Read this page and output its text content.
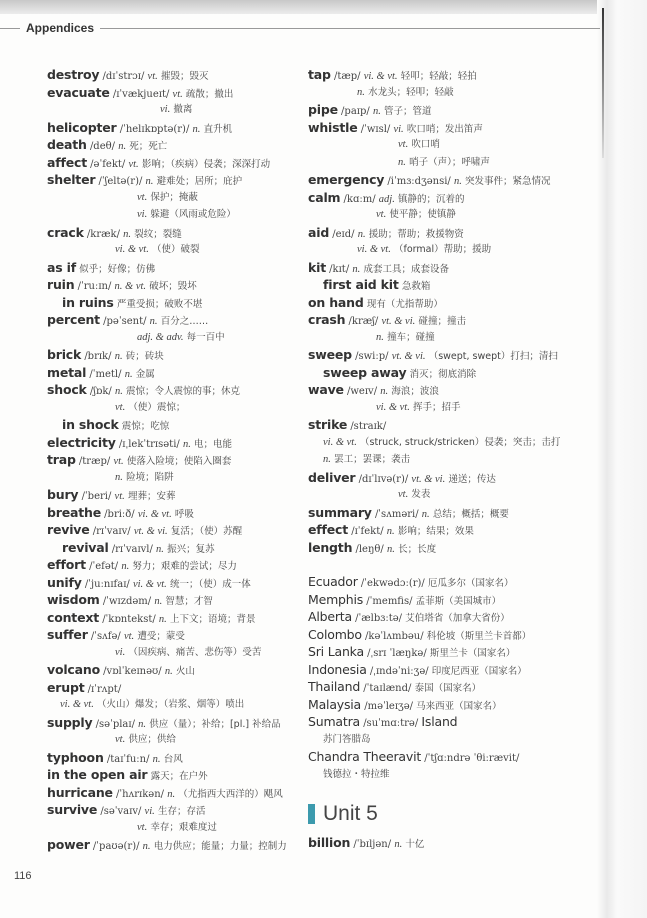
Appendices
destroy /dɪˈstrɔɪ/ vt. 摧毁；毁灭
evacuate /ɪˈvækjueɪt/ vt. 疏散；撤出
vi. 撤离
helicopter /ˈhelɪkɒptə(r)/ n. 直升机
death /deθ/ n. 死；死亡
affect /əˈfekt/ vt. 影响；（疾病）侵袭；深深打动
shelter /ˈʃeltə(r)/ n. 避难处；居所；庇护
vt. 保护；掩蔽
vi. 躲避（风雨或危险）
crack /kræk/ n. 裂纹；裂缝
vi. & vt. （使）破裂
as if 似乎；好像；仿佛
ruin /ˈruːɪn/ n. & vt. 破坏；毁坏
in ruins 严重受损；破败不堪
percent /pəˈsent/ n. 百分之……
adj. & adv. 每一百中
brick /brɪk/ n. 砖；砖块
metal /ˈmetl/ n. 金属
shock /ʃɒk/ n. 震惊；令人震惊的事；休克
vt. （使）震惊；
in shock 震惊；吃惊
electricity /ɪˌlekˈtrɪsəti/ n. 电；电能
trap /træp/ vt. 使落入险境；使陷入圈套
n. 险境；陷阱
bury /ˈberi/ vt. 埋葬；安葬
breathe /briːð/ vi. & vt. 呼吸
revive /rɪˈvaɪv/ vt. & vi. 复活；（使）苏醒
revival /rɪˈvaɪvl/ n. 振兴；复苏
effort /ˈefət/ n. 努力；艰难的尝试；尽力
unify /ˈjuːnɪfaɪ/ vi. & vt. 统一；（使）成一体
wisdom /ˈwɪzdəm/ n. 智慧；才智
context /ˈkɒntekst/ n. 上下文；语境；背景
suffer /ˈsʌfə/ vt. 遭受；蒙受
vi. （因疾病、痛苦、悲伤等）受苦
volcano /vɒlˈkeɪnəʊ/ n. 火山
erupt /ɪˈrʌpt/
vi. & vt. （火山）爆发；（岩浆、烟等）喷出
supply /səˈplaɪ/ n. 供应（量）；补给；[pl.] 补给品
vt. 供应；供给
typhoon /taɪˈfuːn/ n. 台风
in the open air 露天；在户外
hurricane /ˈhʌrɪkən/ n. （尤指西大西洋的）飓风
survive /səˈvaɪv/ vi. 生存；存活
vt. 幸存；艰难度过
power /ˈpaʊə(r)/ n. 电力供应；能量；力量；控制力
tap /tæp/ vi. & vt. 轻叩；轻敲；轻拍
n. 水龙头；轻叩；轻敲
pipe /paɪp/ n. 管子；管道
whistle /ˈwɪsl/ vi. 吹口哨；发出笛声
vt. 吹口哨
n. 哨子（声）；呼啸声
emergency /iˈmɜːdʒənsi/ n. 突发事件；紧急情况
calm /kɑːm/ adj. 镇静的；沉着的
vt. 使平静；使镇静
aid /eɪd/ n. 援助；帮助；救援物资
vi. & vt. （formal）帮助；援助
kit /kɪt/ n. 成套工具；成套设备
first aid kit 急救箱
on hand 现有（尤指帮助）
crash /kræʃ/ vt. & vi. 碰撞；撞击
n. 撞车；碰撞
sweep /swiːp/ vt. & vi. （swept, swept）打扫；清扫
sweep away 消灭；彻底消除
wave /weɪv/ n. 海浪；波浪
vi. & vt. 挥手；招手
strike /straɪk/
vi. & vt. （struck, struck/stricken）侵袭；突击；击打
n. 罢工；罢课；袭击
deliver /dɪˈlɪvə(r)/ vt. & vi. 递送；传达
vt. 发表
summary /ˈsʌməri/ n. 总结；概括；概要
effect /ɪˈfekt/ n. 影响；结果；效果
length /leŋθ/ n. 长；长度
Ecuador /ˈekwədɔː(r)/ 厄瓜多尔（国家名）
Memphis /ˈmemfis/ 孟菲斯（美国城市）
Alberta /ˈælbɜːtə/ 艾伯塔省（加拿大省份）
Colombo /kəˈlʌmbəu/ 科伦坡（斯里兰卡首都）
Sri Lanka /ˌsrɪ ˈlæŋkə/ 斯里兰卡（国家名）
Indonesia /ˌɪndəˈniːʒə/ 印度尼西亚（国家名）
Thailand /ˈtaɪlænd/ 泰国（国家名）
Malaysia /məˈleɪʒə/ 马来西亚（国家名）
Sumatra /suˈmɑːtrə/ Island
苏门答腊岛
Chandra Theeravit /ˈtʃɑːndrə ˈθiːrævit/
钱德拉・特拉维
Unit 5
billion /ˈbɪljən/ n. 十亿
116
